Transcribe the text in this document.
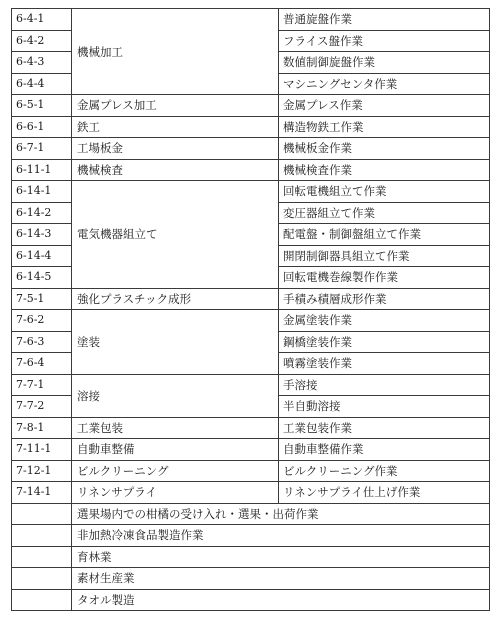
6-4-1	機械加工	普通旋盤作業
6-4-2		フライス盤作業
6-4-3		数値制御旋盤作業
6-4-4		マシニングセンタ作業
6-5-1	金属プレス加工	金属プレス作業
6-6-1	鉄工	構造物鉄工作業
6-7-1	工場板金	機械板金作業
6-11-1	機械検査	機械検査作業
6-14-1	電気機器組立て	回転電機組立て作業
6-14-2		変圧器組立て作業
6-14-3		配電盤・制御盤組立て作業
6-14-4		開閉制御器具組立て作業
6-14-5		回転電機巻線製作作業
7-5-1	強化プラスチック成形	手積み積層成形作業
7-6-2	塗装	金属塗装作業
7-6-3		鋼橋塗装作業
7-6-4		噴霧塗装作業
7-7-1	溶接	手溶接
7-7-2		半自動溶接
7-8-1	工業包装	工業包装作業
7-11-1	自動車整備	自動車整備作業
7-12-1	ビルクリーニング	ビルクリーニング作業
7-14-1	リネンサプライ	リネンサプライ仕上げ作業
	選果場内での柑橘の受け入れ・選果・出荷作業	
	非加熱冷凍食品製造作業	
	育林業	
	素材生産業	
	タオル製造	
